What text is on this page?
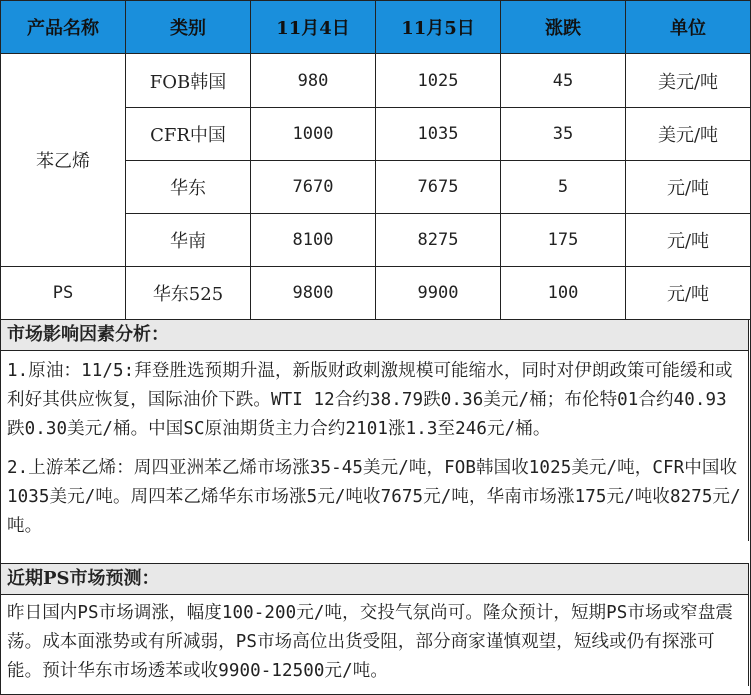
产品名称	类别	11月4日	11月5日	涨跌	单位
苯乙烯	FOB韩国	980	1025	45	美元/吨
	CFR中国	1000	1035	35	美元/吨
	华东	7670	7675	5	元/吨
	华南	8100	8275	175	元/吨
PS	华东525	9800	9900	100	元/吨
市场影响因素分析：
1.原油：11/5:拜登胜选预期升温，新版财政刺激规模可能缩水，同时对伊朗政策可能缓和或利好其供应恢复，国际油价下跌。WTI 12合约38.79跌0.36美元/桶；布伦特01合约40.93跌0.30美元/桶。中国SC原油期货主力合约2101涨1.3至246元/桶。
2.上游苯乙烯：周四亚洲苯乙烯市场涨35-45美元/吨，FOB韩国收1025美元/吨，CFR中国收1035美元/吨。周四苯乙烯华东市场涨5元/吨收7675元/吨，华南市场涨175元/吨收8275元/吨。
近期PS市场预测：
昨日国内PS市场调涨，幅度100-200元/吨，交投气氛尚可。隆众预计，短期PS市场或窄盘震荡。成本面涨势或有所减弱，PS市场高位出货受阻，部分商家谨慎观望，短线或仍有探涨可能。预计华东市场透苯或收9900-12500元/吨。
